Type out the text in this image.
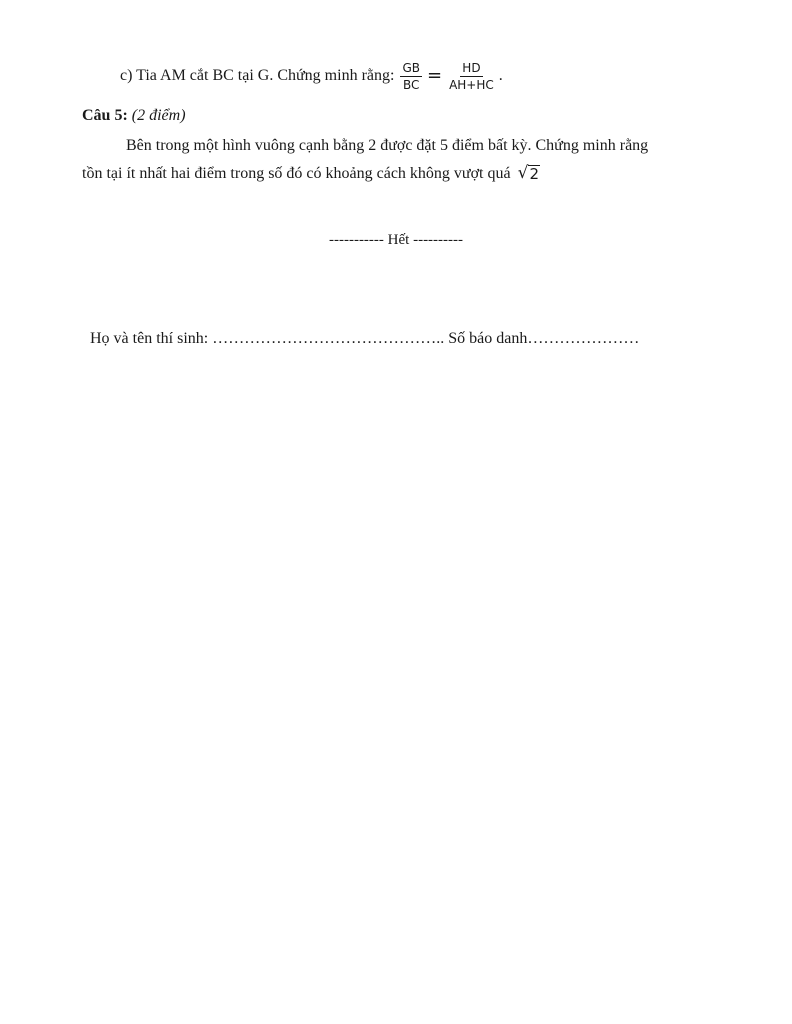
c) Tia AM cắt BC tại G. Chứng minh rằng: $\frac{GB}{BC} = \frac{HD}{AH+HC}$ .
Câu 5: (2 điểm)
Bên trong một hình vuông cạnh bằng 2 được đặt 5 điểm bất kỳ. Chứng minh rằng
tồn tại ít nhất hai điểm trong số đó có khoảng cách không vượt quá √ 2
----------- Hết ----------
Họ và tên thí sinh: …………………………………….. Số báo danh…………………
